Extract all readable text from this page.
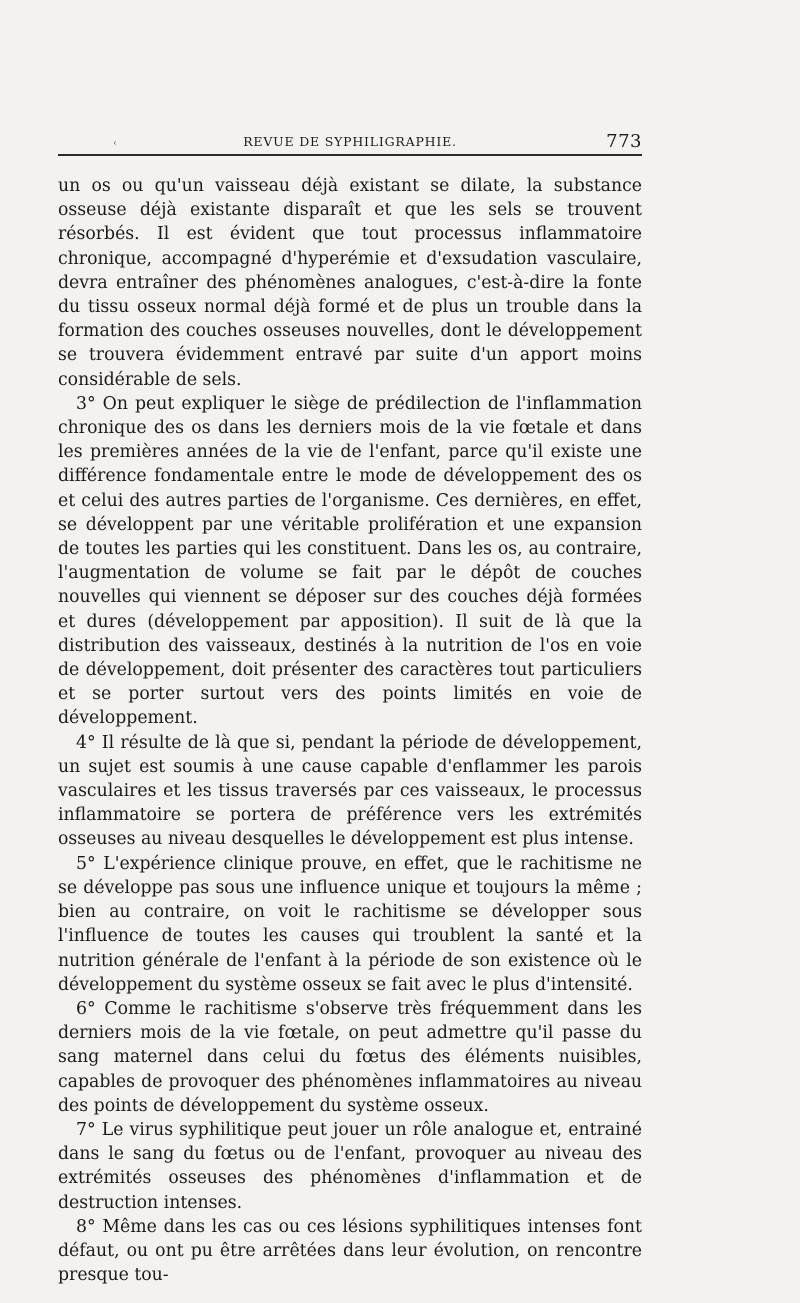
‹	REVUE DE SYPHILIGRAPHIE.	773

un os ou qu'un vaisseau déjà existant se dilate, la substance osseuse déjà existante disparaît et que les sels se trouvent résorbés. Il est évident que tout processus inflammatoire chronique, accompagné d'hyperémie et d'exsudation vasculaire, devra entraîner des phénomènes analogues, c'est-à-dire la fonte du tissu osseux normal déjà formé et de plus un trouble dans la formation des couches osseuses nouvelles, dont le développement se trouvera évidemment entravé par suite d'un apport moins considérable de sels.

3° On peut expliquer le siège de prédilection de l'inflammation chronique des os dans les derniers mois de la vie fœtale et dans les premières années de la vie de l'enfant, parce qu'il existe une différence fondamentale entre le mode de développement des os et celui des autres parties de l'organisme. Ces dernières, en effet, se développent par une véritable prolifération et une expansion de toutes les parties qui les constituent. Dans les os, au contraire, l'augmentation de volume se fait par le dépôt de couches nouvelles qui viennent se déposer sur des couches déjà formées et dures (développement par apposition). Il suit de là que la distribution des vaisseaux, destinés à la nutrition de l'os en voie de développement, doit présenter des caractères tout particuliers et se porter surtout vers des points limités en voie de développement.

4° Il résulte de là que si, pendant la période de développement, un sujet est soumis à une cause capable d'enflammer les parois vasculaires et les tissus traversés par ces vaisseaux, le processus inflammatoire se portera de préférence vers les extrémités osseuses au niveau desquelles le développement est plus intense.

5° L'expérience clinique prouve, en effet, que le rachitisme ne se développe pas sous une influence unique et toujours la même ; bien au contraire, on voit le rachitisme se développer sous l'influence de toutes les causes qui troublent la santé et la nutrition générale de l'enfant à la période de son existence où le développement du système osseux se fait avec le plus d'intensité.

6° Comme le rachitisme s'observe très fréquemment dans les derniers mois de la vie fœtale, on peut admettre qu'il passe du sang maternel dans celui du fœtus des éléments nuisibles, capables de provoquer des phénomènes inflammatoires au niveau des points de développement du système osseux.

7° Le virus syphilitique peut jouer un rôle analogue et, entrainé dans le sang du fœtus ou de l'enfant, provoquer au niveau des extrémités osseuses des phénomènes d'inflammation et de destruction intenses.

8° Même dans les cas ou ces lésions syphilitiques intenses font défaut, ou ont pu être arrêtées dans leur évolution, on rencontre presque tou-
